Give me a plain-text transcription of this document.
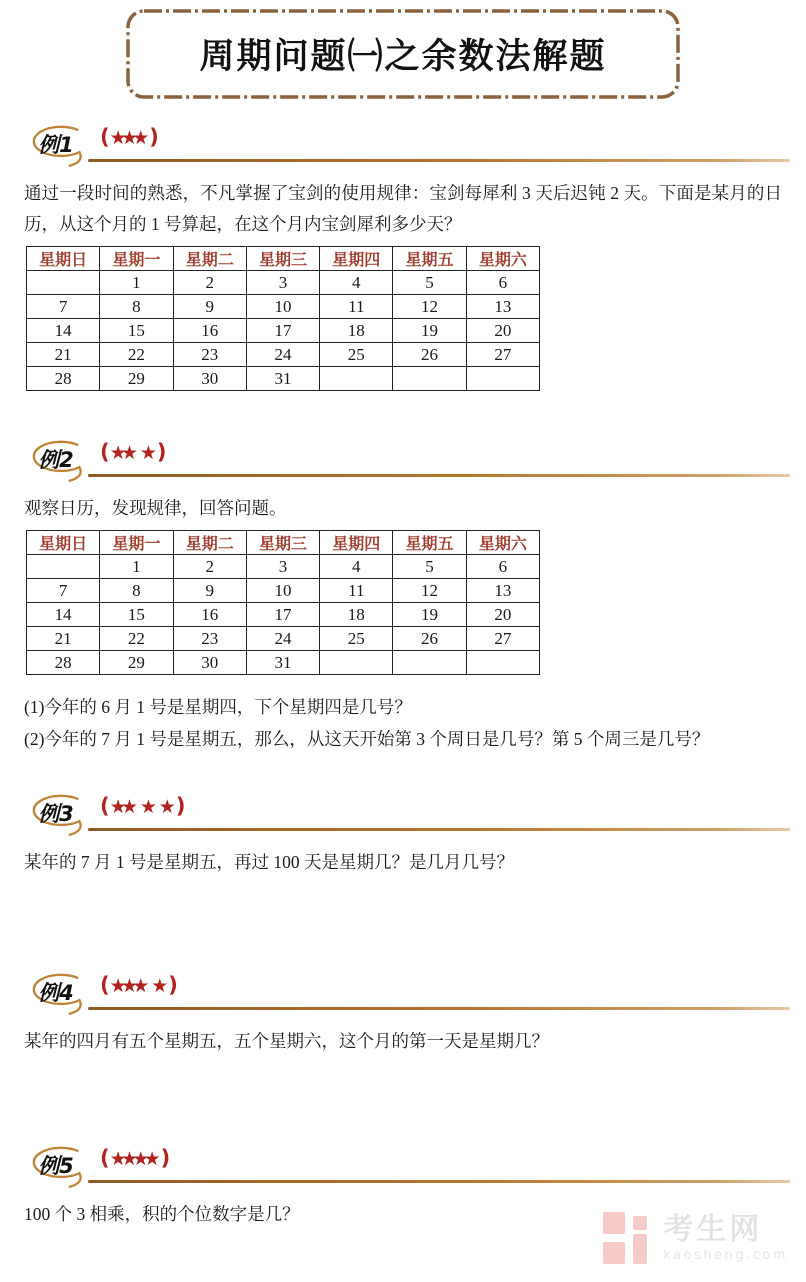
周期问题㈠之余数法解题
例1	(★★★ )

通过一段时间的熟悉，不凡掌握了宝剑的使用规律：宝剑每犀利 3 天后迟钝 2 天。下面是某月的日历，从这个月的 1 号算起，在这个月内宝剑犀利多少天？

星期日	星期一	星期二	星期三	星期四	星期五	星期六
	1	2	3	4	5	6
7	8	9	10	11	12	13
14	15	16	17	18	19	20
21	22	23	24	25	26	27
28	29	30	31			
例2	(★★ ★ )

观察日历，发现规律，回答问题。

星期日	星期一	星期二	星期三	星期四	星期五	星期六
	1	2	3	4	5	6
7	8	9	10	11	12	13
14	15	16	17	18	19	20
21	22	23	24	25	26	27
28	29	30	31			

(1)今年的 6 月 1 号是星期四，下个星期四是几号？

(2)今年的 7 月 1 号是星期五，那么，从这天开始第 3 个周日是几号？第 5 个周三是几号？

例3	(★★ ★ ★ )

某年的 7 月 1 号是星期五，再过 100 天是星期几？是几月几号？

例4	(★★★ ★ )

某年的四月有五个星期五，五个星期六，这个月的第一天是星期几？

例5	(★★★★ )

100 个 3 相乘，积的个位数字是几？	考生网
kaosheng.com
